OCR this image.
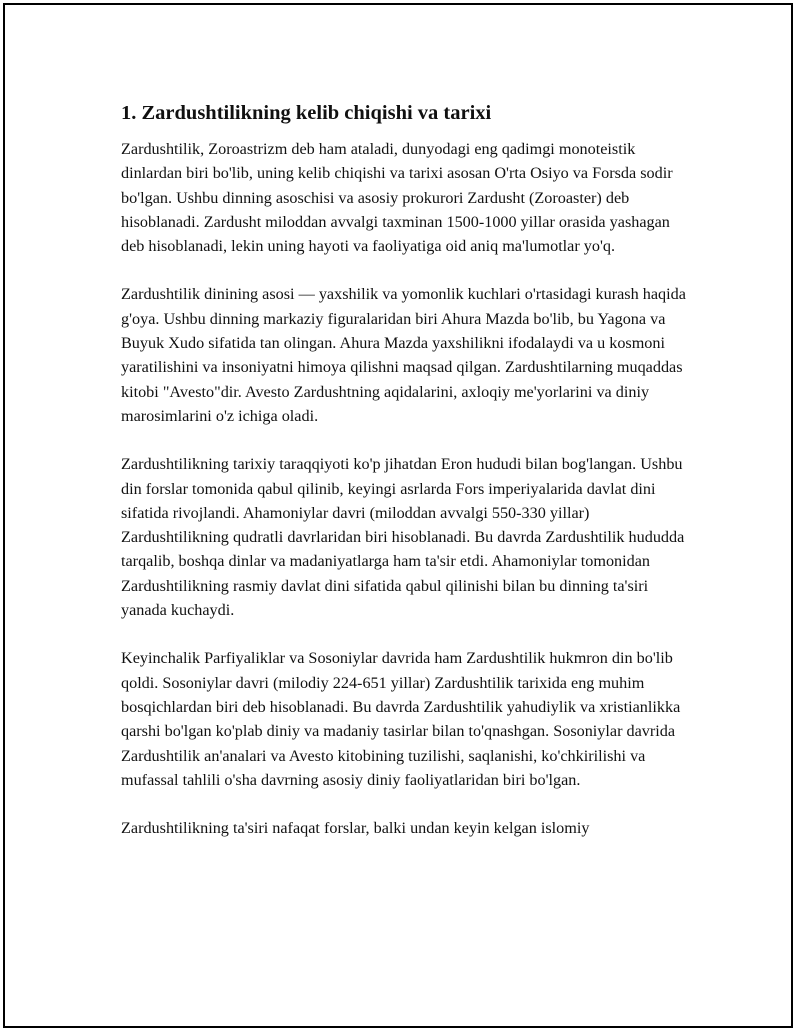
1. Zardushtilikning kelib chiqishi va tarixi

Zardushtilik, Zoroastrizm deb ham ataladi, dunyodagi eng qadimgi monoteistik dinlardan biri bo'lib, uning kelib chiqishi va tarixi asosan O'rta Osiyo va Forsda sodir bo'lgan. Ushbu dinning asoschisi va asosiy prokurori Zardusht (Zoroaster) deb hisoblanadi. Zardusht miloddan avvalgi taxminan 1500-1000 yillar orasida yashagan deb hisoblanadi, lekin uning hayoti va faoliyatiga oid aniq ma'lumotlar yo'q.

Zardushtilik dinining asosi — yaxshilik va yomonlik kuchlari o'rtasidagi kurash haqida g'oya. Ushbu dinning markaziy figuralaridan biri Ahura Mazda bo'lib, bu Yagona va Buyuk Xudo sifatida tan olingan. Ahura Mazda yaxshilikni ifodalaydi va u kosmoni yaratilishini va insoniyatni himoya qilishni maqsad qilgan. Zardushtilarning muqaddas kitobi "Avesto"dir. Avesto Zardushtning aqidalarini, axloqiy me'yorlarini va diniy marosimlarini o'z ichiga oladi.

Zardushtilikning tarixiy taraqqiyoti ko'p jihatdan Eron hududi bilan bog'langan. Ushbu din forslar tomonida qabul qilinib, keyingi asrlarda Fors imperiyalarida davlat dini sifatida rivojlandi. Ahamoniylar davri (miloddan avvalgi 550-330 yillar) Zardushtilikning qudratli davrlaridan biri hisoblanadi. Bu davrda Zardushtilik hududda tarqalib, boshqa dinlar va madaniyatlarga ham ta'sir etdi. Ahamoniylar tomonidan Zardushtilikning rasmiy davlat dini sifatida qabul qilinishi bilan bu dinning ta'siri yanada kuchaydi.

Keyinchalik Parfiyaliklar va Sosoniylar davrida ham Zardushtilik hukmron din bo'lib qoldi. Sosoniylar davri (milodiy 224-651 yillar) Zardushtilik tarixida eng muhim bosqichlardan biri deb hisoblanadi. Bu davrda Zardushtilik yahudiylik va xristianlikka qarshi bo'lgan ko'plab diniy va madaniy tasirlar bilan to'qnashgan. Sosoniylar davrida Zardushtilik an'analari va Avesto kitobining tuzilishi, saqlanishi, ko'chkirilishi va mufassal tahlili o'sha davrning asosiy diniy faoliyatlaridan biri bo'lgan.

Zardushtilikning ta'siri nafaqat forslar, balki undan keyin kelgan islomiy
